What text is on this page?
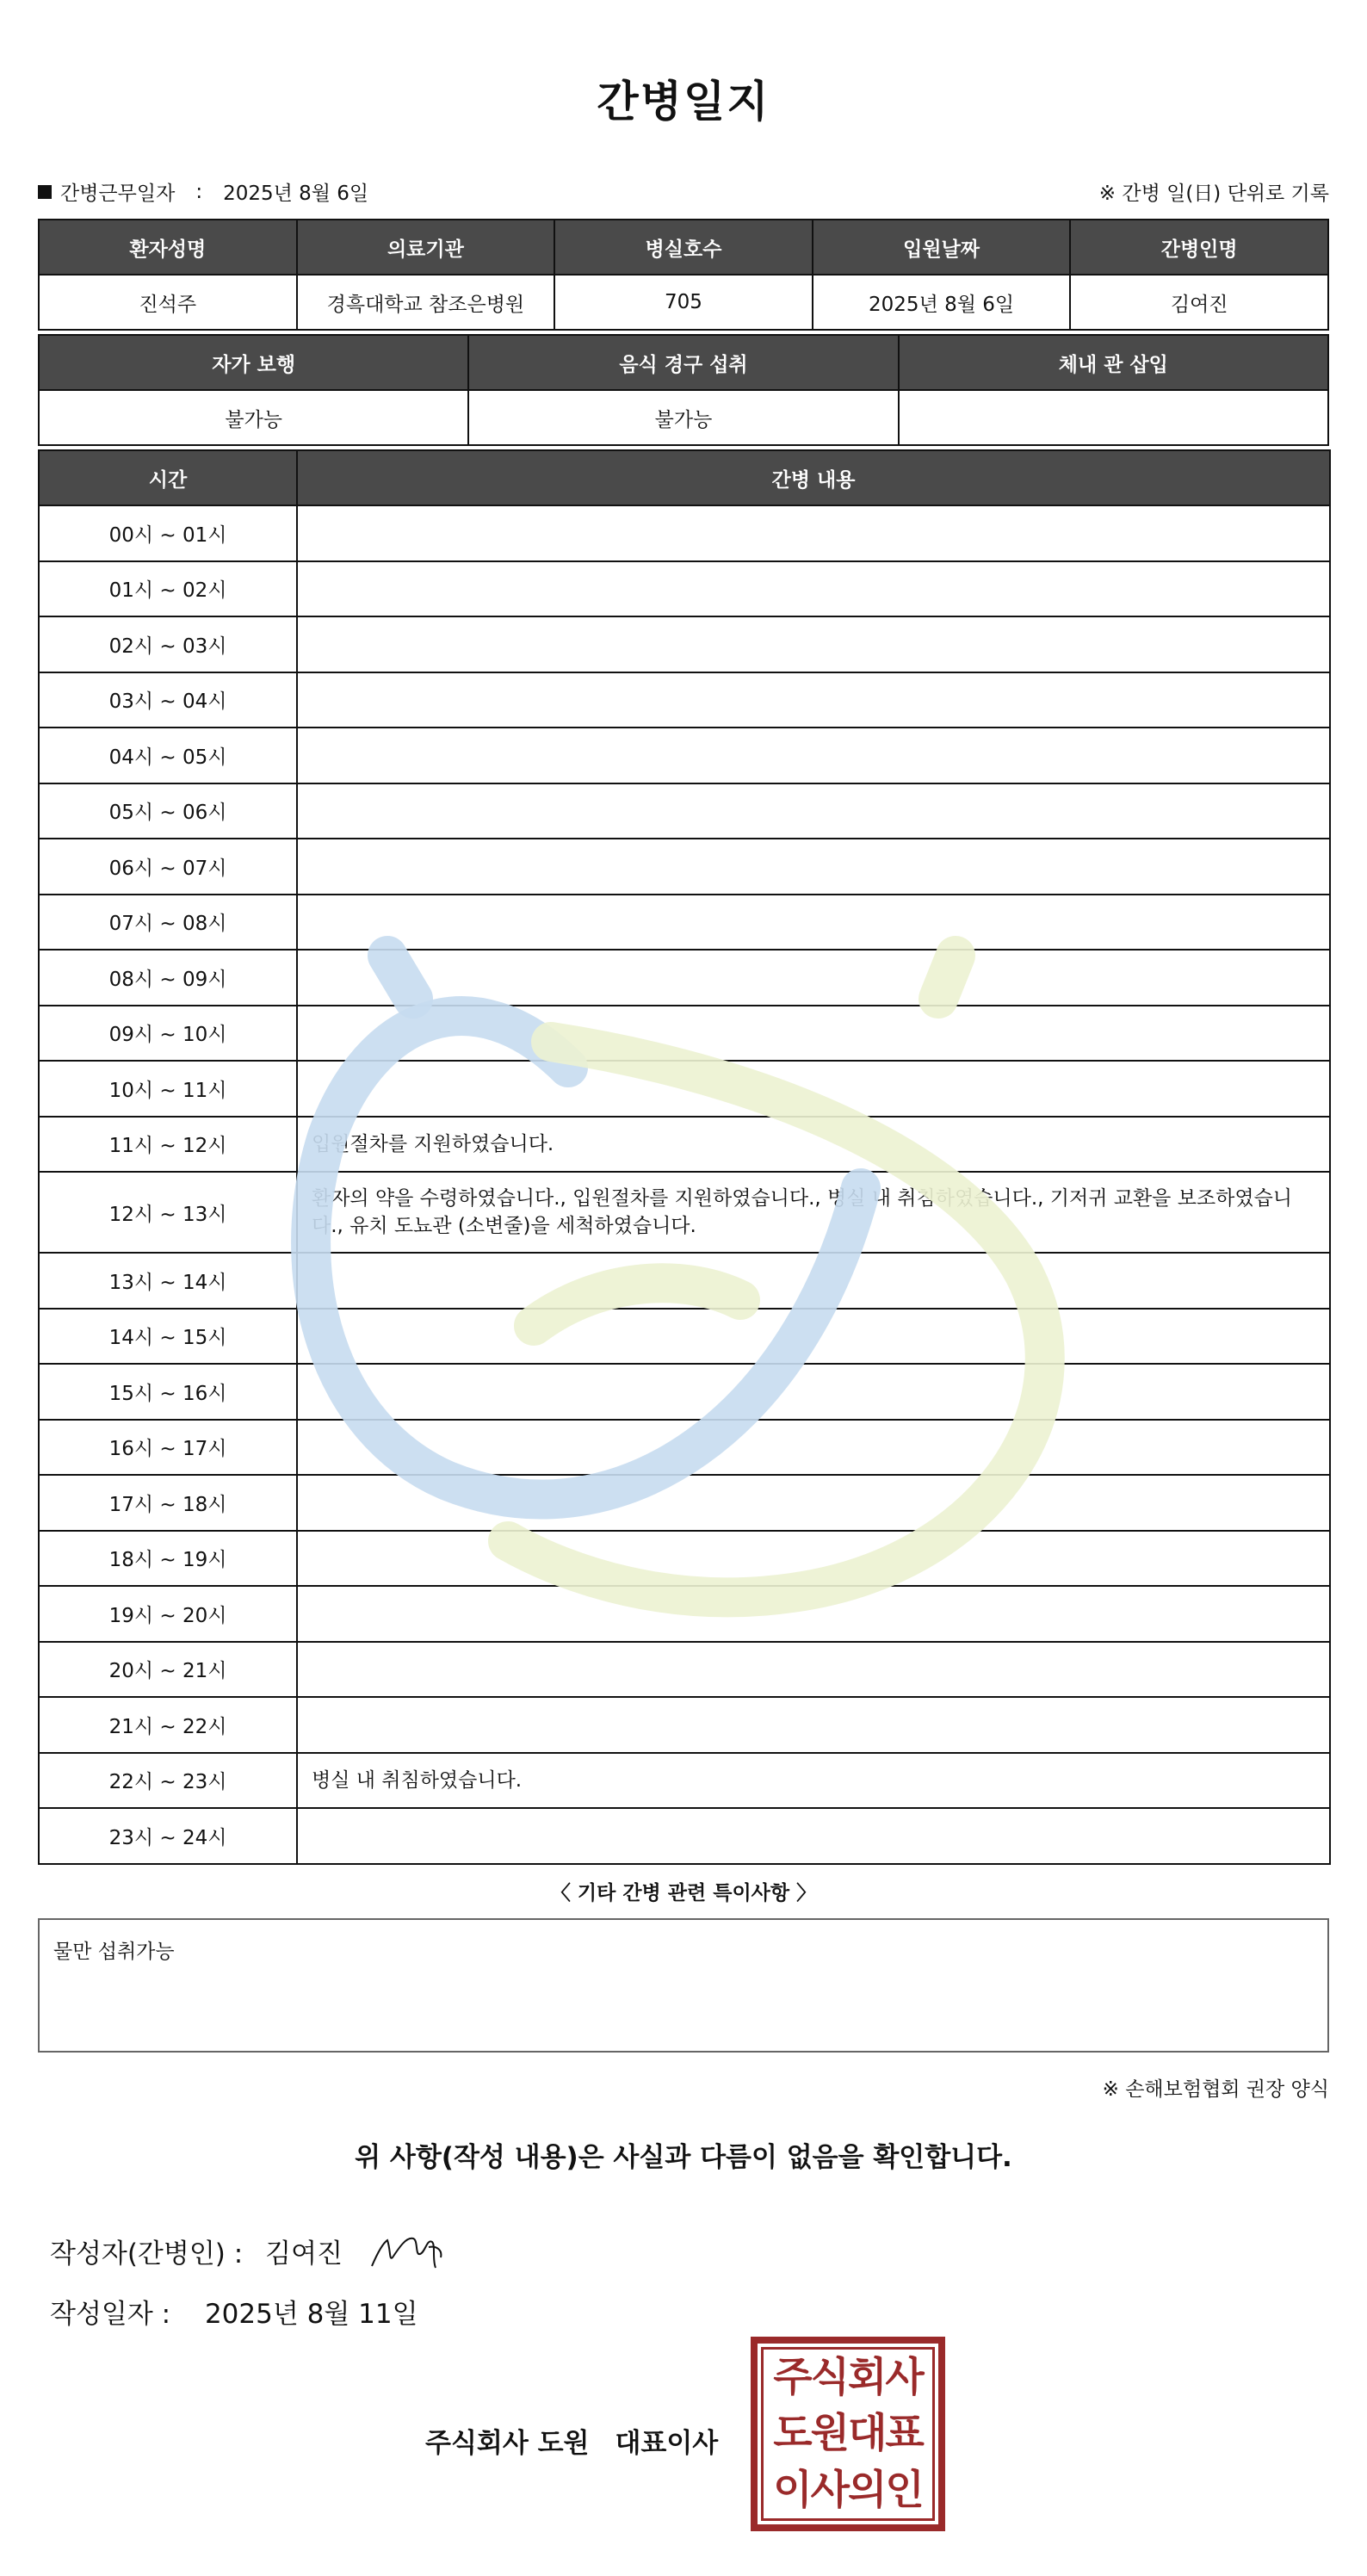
간병일지
간병근무일자 : 2025년 8월 6일	※ 간병 일(日) 단위로 기록
환자성명	의료기관	병실호수	입원날짜	간병인명
진석주	경흑대학교 참조은병원	705	2025년 8월 6일	김여진
자가 보행	음식 경구 섭취	체내 관 삽입
불가능	불가능	
시간	간병 내용
00시 ~ 01시	
01시 ~ 02시	
02시 ~ 03시	
03시 ~ 04시	
04시 ~ 05시	
05시 ~ 06시	
06시 ~ 07시	
07시 ~ 08시	
08시 ~ 09시	
09시 ~ 10시	
10시 ~ 11시	
11시 ~ 12시	입원절차를 지원하였습니다.
12시 ~ 13시	환자의 약을 수령하였습니다., 입원절차를 지원하였습니다., 병실 내 취침하였습니다., 기저귀 교환을 보조하였습니다., 유치 도뇨관 (소변줄)을 세척하였습니다.
13시 ~ 14시	
14시 ~ 15시	
15시 ~ 16시	
16시 ~ 17시	
17시 ~ 18시	
18시 ~ 19시	
19시 ~ 20시	
20시 ~ 21시	
21시 ~ 22시	
22시 ~ 23시	병실 내 취침하였습니다.
23시 ~ 24시	
〈 기타 간병 관련 특이사항 〉
물만 섭취가능
※ 손해보험협회 권장 양식
위 사항(작성 내용)은 사실과 다름이 없음을 확인합니다.
작성자(간병인) : 김여진
작성일자 : 2025년 8월 11일
주식회사 도원 대표이사
주식회사
도원대표
이사의인
